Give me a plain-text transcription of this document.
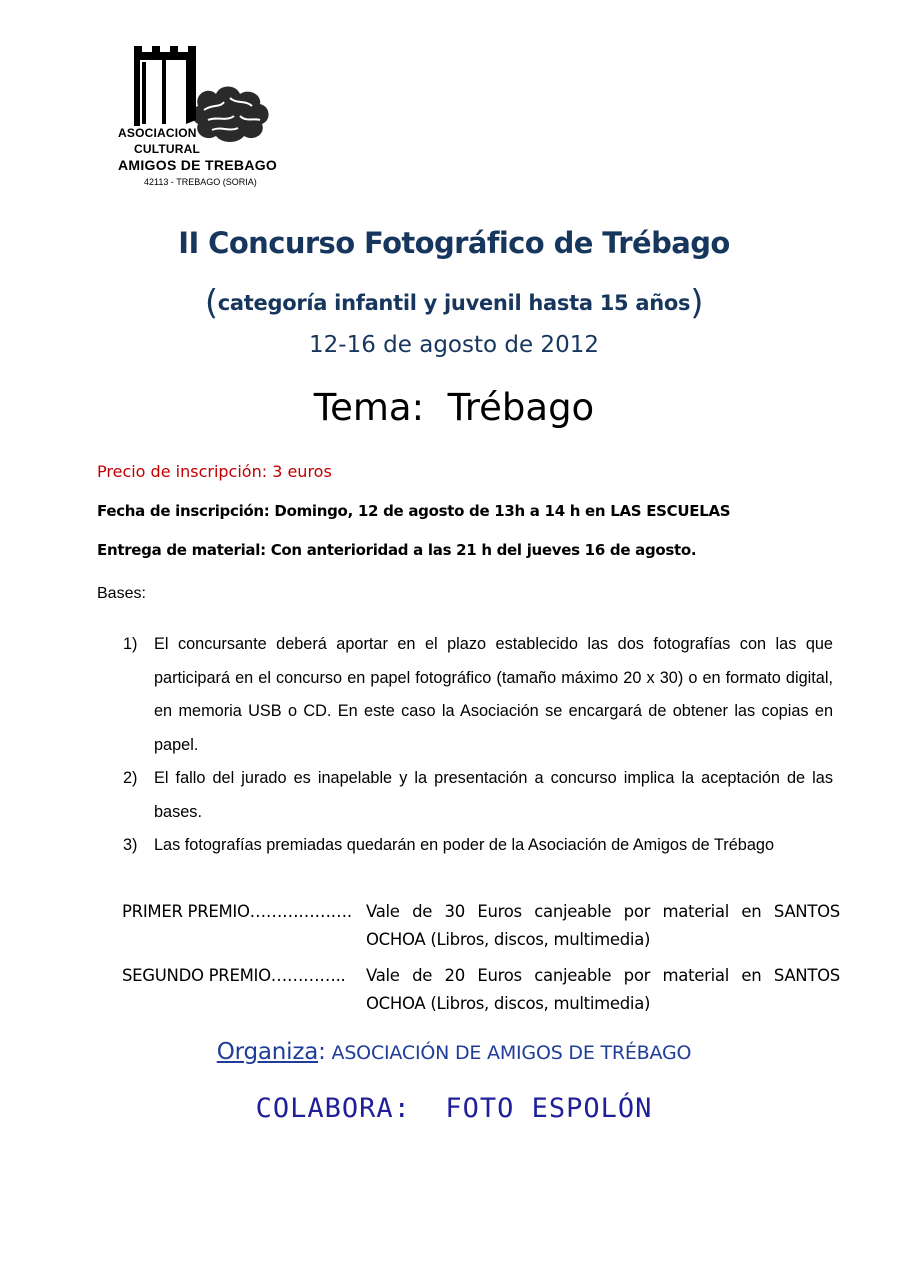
ASOCIACION
CULTURAL
AMIGOS DE TREBAGO
42113 - TREBAGO (SORIA)
II Concurso Fotográfico de Trébago
(categoría infantil y juvenil hasta 15 años)
12-16 de agosto de 2012
Tema:  Trébago
Precio de inscripción: 3 euros
Fecha de inscripción: Domingo, 12 de agosto de 13h a 14 h en LAS ESCUELAS
Entrega de material: Con anterioridad a las 21 h del jueves 16 de agosto.
Bases:
1)	El concursante deberá aportar en el plazo establecido las dos fotografías con las que participará en el concurso en papel fotográfico (tamaño máximo 20 x 30) o en formato digital, en memoria USB o CD. En este caso la Asociación se encargará de obtener las copias en papel.
2)	El fallo del jurado es inapelable y la presentación a concurso implica la aceptación de las bases.
3)	Las fotografías premiadas quedarán en poder de la Asociación de Amigos de Trébago
PRIMER PREMIO………………. Vale de 30 Euros canjeable por material en SANTOS OCHOA (Libros, discos, multimedia)
SEGUNDO PREMIO………….. Vale de 20 Euros canjeable por material en SANTOS OCHOA (Libros, discos, multimedia)
Organiza: ASOCIACIÓN DE AMIGOS DE TRÉBAGO
COLABORA:  FOTO ESPOLÓN
